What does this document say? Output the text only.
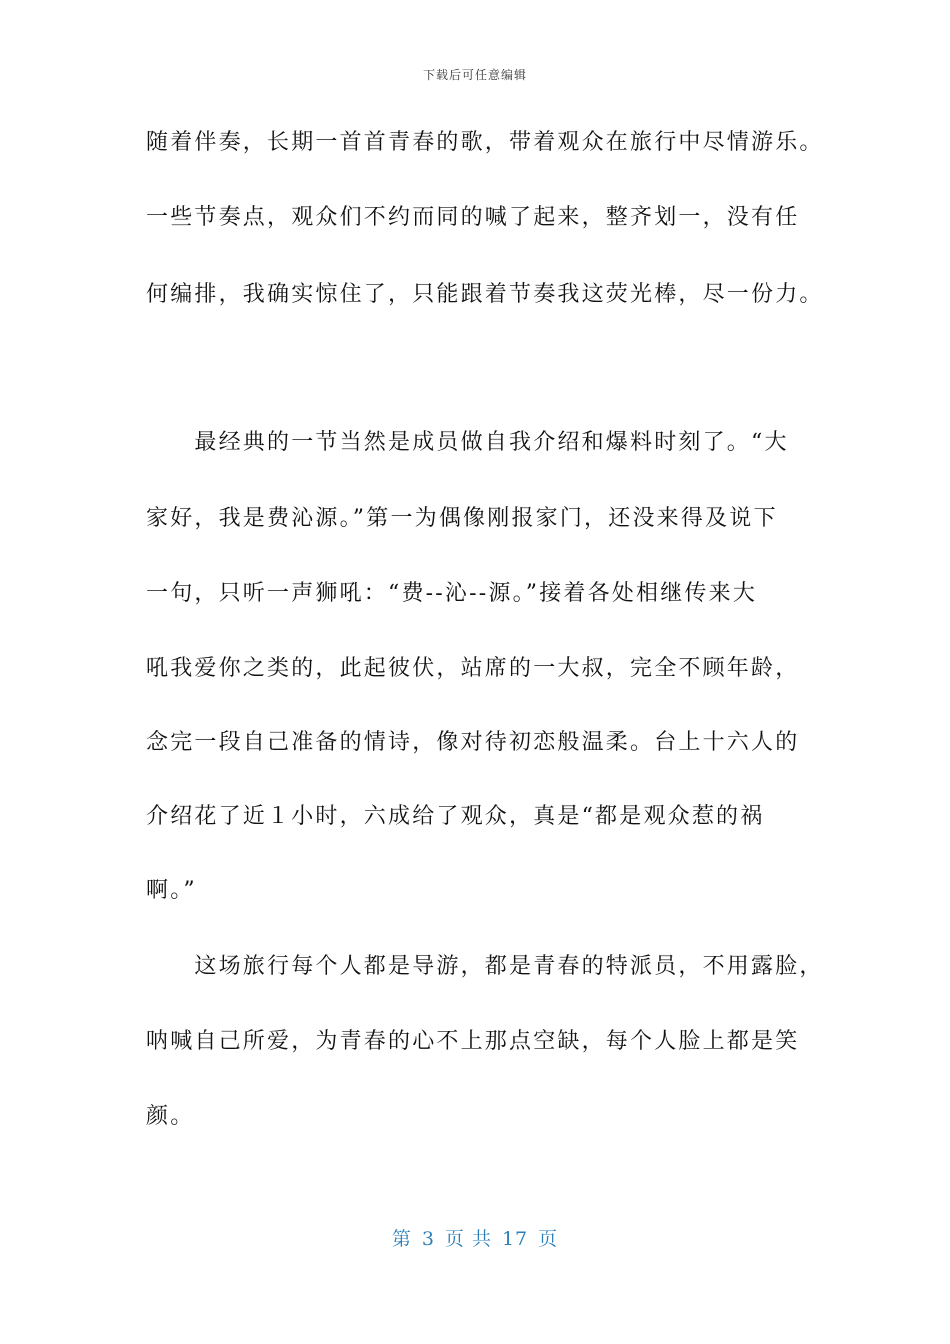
下载后可任意编辑
随着伴奏，长期一首首青春的歌，带着观众在旅行中尽情游乐。
一些节奏点，观众们不约而同的喊了起来，整齐划一，没有任
何编排，我确实惊住了，只能跟着节奏我这荧光棒，尽一份力。
　　最经典的一节当然是成员做自我介绍和爆料时刻了。“大
家好，我是费沁源。”第一为偶像刚报家门，还没来得及说下
一句，只听一声狮吼：“费--沁--源。”接着各处相继传来大
吼我爱你之类的，此起彼伏，站席的一大叔，完全不顾年龄，
念完一段自己准备的情诗，像对待初恋般温柔。台上十六人的
介绍花了近１小时，六成给了观众，真是“都是观众惹的祸
啊。”
　　这场旅行每个人都是导游，都是青春的特派员，不用露脸，
呐喊自己所爱，为青春的心不上那点空缺，每个人脸上都是笑
颜。
第 3 页 共 17 页
